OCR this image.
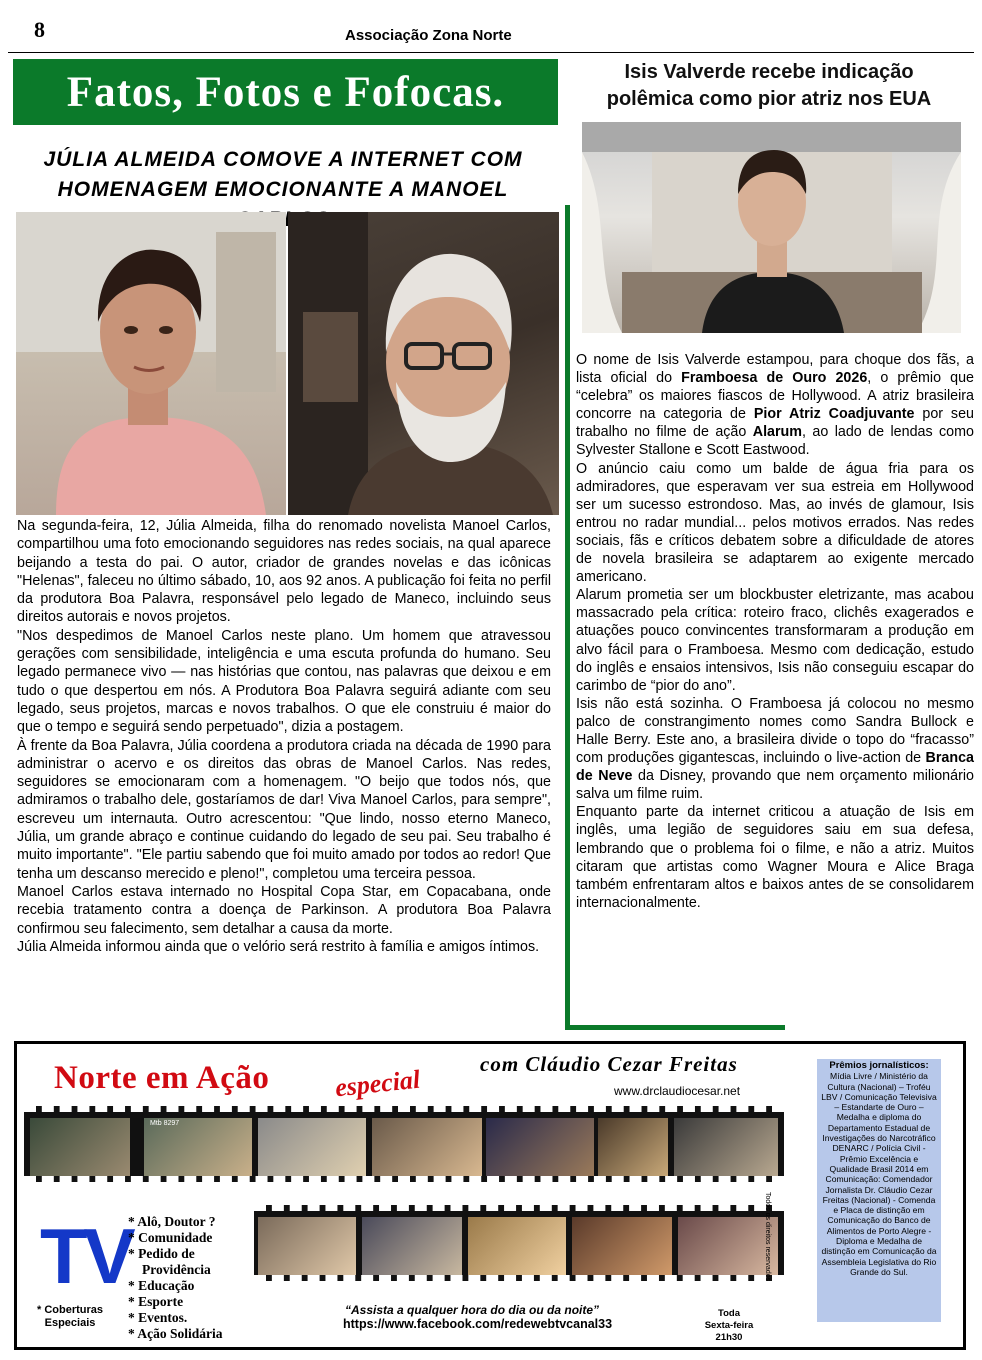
8	Associação Zona Norte
Fatos, Fotos e Fofocas.
JÚLIA ALMEIDA COMOVE A INTERNET COM
HOMENAGEM EMOCIONANTE A MANOEL

Na segunda-feira, 12, Júlia Almeida, filha do renomado novelista Manoel Carlos, compartilhou uma foto emocionando seguidores nas redes sociais, na qual aparece beijando a testa do pai. O autor, criador de grandes novelas e das icônicas "Helenas", faleceu no último sábado, 10, aos 92 anos. A publicação foi feita no perfil da produtora Boa Palavra, responsável pelo legado de Maneco, incluindo seus direitos autorais e novos projetos.

"Nos despedimos de Manoel Carlos neste plano. Um homem que atravessou gerações com sensibilidade, inteligência e uma escuta profunda do humano. Seu legado permanece vivo — nas histórias que contou, nas palavras que deixou e em tudo o que despertou em nós. A Produtora Boa Palavra seguirá adiante com seu legado, seus projetos, marcas e novos trabalhos. O que ele construiu é maior do que o tempo e seguirá sendo perpetuado", dizia a postagem.

À frente da Boa Palavra, Júlia coordena a produtora criada na década de 1990 para administrar o acervo e os direitos das obras de Manoel Carlos. Nas redes, seguidores se emocionaram com a homenagem. "O beijo que todos nós, que admiramos o trabalho dele, gostaríamos de dar! Viva Manoel Carlos, para sempre", escreveu um internauta. Outro acrescentou: "Que lindo, nosso eterno Maneco, Júlia, um grande abraço e continue cuidando do legado de seu pai. Seu trabalho é muito importante". "Ele partiu sabendo que foi muito amado por todos ao redor! Que tenha um descanso merecido e pleno!", completou uma terceira pessoa.

Manoel Carlos estava internado no Hospital Copa Star, em Copacabana, onde recebia tratamento contra a doença de Parkinson. A produtora Boa Palavra confirmou seu falecimento, sem detalhar a causa da morte.

Júlia Almeida informou ainda que o velório será restrito à família e amigos íntimos.

Isis Valverde recebe indicação
polêmica como pior atriz nos EUA

O nome de Isis Valverde estampou, para choque dos fãs, a lista oficial do Framboesa de Ouro 2026, o prêmio que “celebra” os maiores fiascos de Hollywood. A atriz brasileira concorre na categoria de Pior Atriz Coadjuvante por seu trabalho no filme de ação Alarum, ao lado de lendas como Sylvester Stallone e Scott Eastwood.

O anúncio caiu como um balde de água fria para os admiradores, que esperavam ver sua estreia em Hollywood ser um sucesso estrondoso. Mas, ao invés de glamour, Isis entrou no radar mundial... pelos motivos errados. Nas redes sociais, fãs e críticos debatem sobre a dificuldade de atores de novela brasileira se adaptarem ao exigente mercado americano.

Alarum prometia ser um blockbuster eletrizante, mas acabou massacrado pela crítica: roteiro fraco, clichês exagerados e atuações pouco convincentes transformaram a produção em alvo fácil para o Framboesa. Mesmo com dedicação, estudo do inglês e ensaios intensivos, Isis não conseguiu escapar do carimbo de “pior do ano”.

Isis não está sozinha. O Framboesa já colocou no mesmo palco de constrangimento nomes como Sandra Bullock e Halle Berry. Este ano, a brasileira divide o topo do “fracasso” com produções gigantescas, incluindo o live-action de Branca de Neve da Disney, provando que nem orçamento milionário salva um filme ruim.

Enquanto parte da internet criticou a atuação de Isis em inglês, uma legião de seguidores saiu em sua defesa, lembrando que o problema foi o filme, e não a atriz. Muitos citaram que artistas como Wagner Moura e Alice Braga também enfrentaram altos e baixos antes de se consolidarem internacionalmente.

Norte em Ação especial
com Cláudio Cezar Freitas
www.drclaudiocesar.net
Mtb 8297
Todos os direitos reservados
TV
* Coberturas Especiais
* Alô, Doutor ?
* Comunidade
* Pedido de
Providência
* Educação
* Esporte
* Eventos.
* Ação Solidária
“Assista a qualquer hora do dia ou da noite”
https://www.facebook.com/redewebtvcanal33
Toda
Sexta-feira 21h30
Prêmios jornalísticos:
Mídia Livre / Ministério da Cultura (Nacional) – Troféu LBV / Comunicação Televisiva – Estandarte de Ouro – Medalha e diploma do Departamento Estadual de Investigações do Narcotráfico DENARC / Polícia Civil - Prêmio Excelência e Qualidade Brasil 2014 em Comunicação: Comendador Jornalista Dr. Cláudio Cezar Freitas (Nacional) - Comenda e Placa de distinção em Comunicação do Banco de Alimentos de Porto Alegre - Diploma e Medalha de distinção em Comunicação da Assembleia Legislativa do Rio Grande do Sul.
